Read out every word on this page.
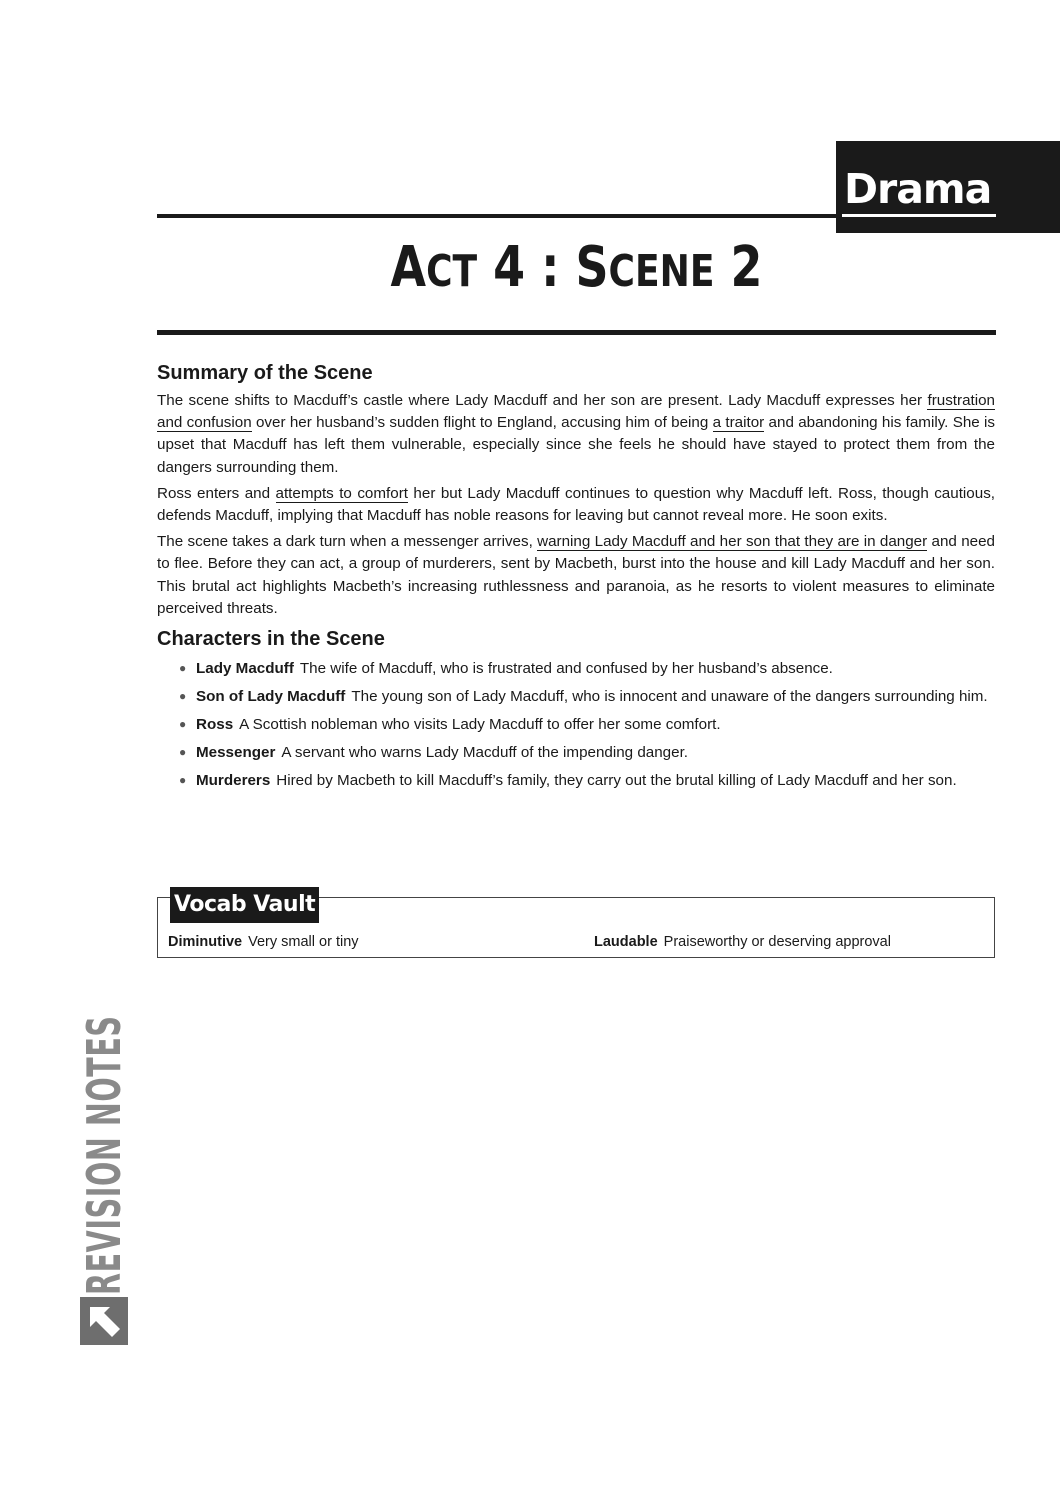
Drama
ACT 4 : SCENE 2
Summary of the Scene

The scene shifts to Macduff’s castle where Lady Macduff and her son are present. Lady Macduff expresses her frustration and confusion over her husband’s sudden flight to England, accusing him of being a traitor and abandoning his family. She is upset that Macduff has left them vulnerable, especially since she feels he should have stayed to protect them from the dangers surrounding them.

Ross enters and attempts to comfort her but Lady Macduff continues to question why Macduff left. Ross, though cautious, defends Macduff, implying that Macduff has noble reasons for leaving but cannot reveal more. He soon exits.

The scene takes a dark turn when a messenger arrives, warning Lady Macduff and her son that they are in danger and need to flee. Before they can act, a group of murderers, sent by Macbeth, burst into the house and kill Lady Macduff and her son. This brutal act highlights Macbeth’s increasing ruthlessness and paranoia, as he resorts to violent measures to eliminate perceived threats.

Characters in the Scene
● Lady Macduff The wife of Macduff, who is frustrated and confused by her husband’s absence.
● Son of Lady Macduff The young son of Lady Macduff, who is innocent and unaware of the dangers surrounding him.
● Ross A Scottish nobleman who visits Lady Macduff to offer her some comfort.
● Messenger A servant who warns Lady Macduff of the impending danger.
● Murderers Hired by Macbeth to kill Macduff’s family, they carry out the brutal killing of Lady Macduff and her son.
Vocab Vault
Diminutive Very small or tiny	Laudable Praiseworthy or deserving approval
REVISION NOTES
